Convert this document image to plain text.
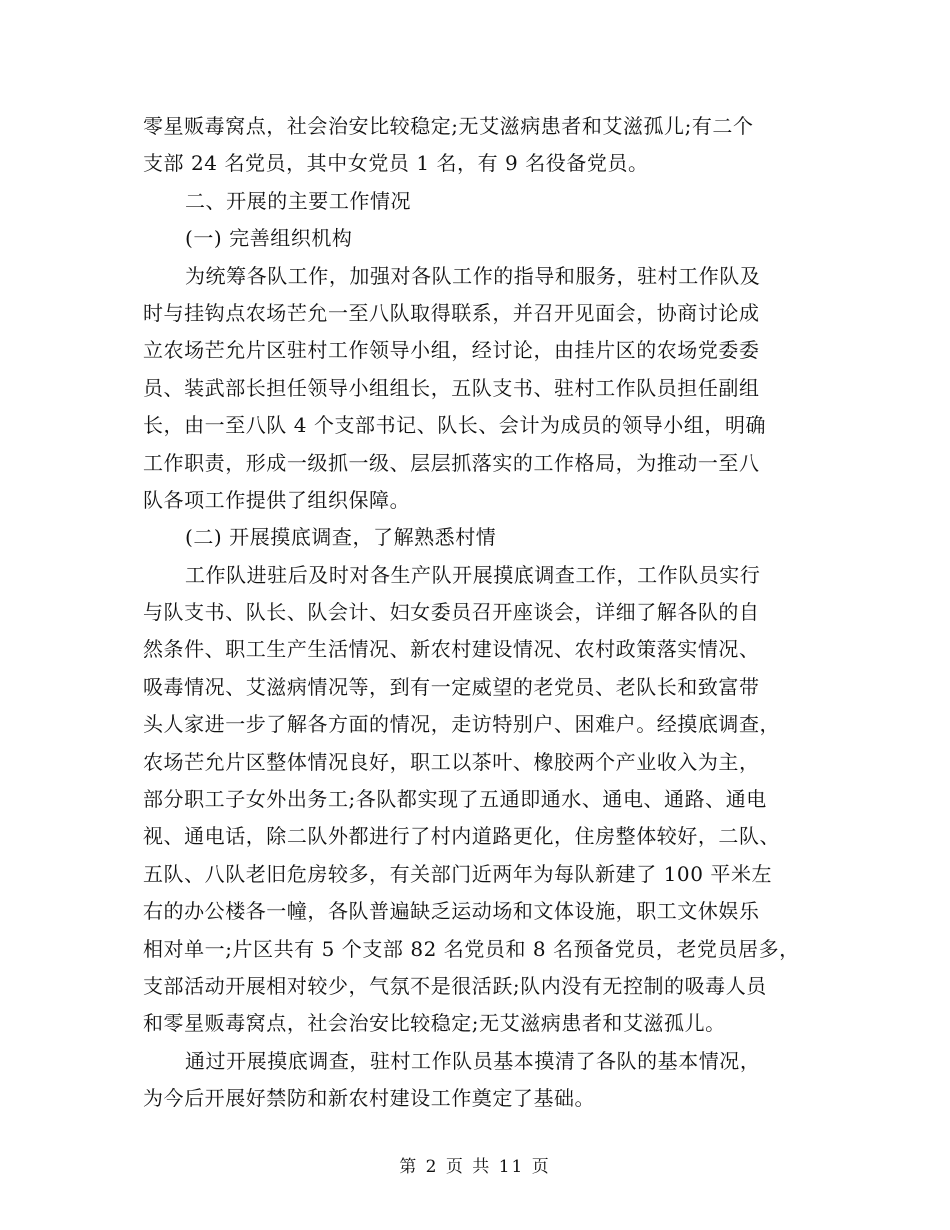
零星贩毒窝点，社会治安比较稳定;无艾滋病患者和艾滋孤儿;有二个
支部 24 名党员，其中女党员 1 名，有 9 名役备党员。
二、开展的主要工作情况
(一) 完善组织机构
为统筹各队工作，加强对各队工作的指导和服务，驻村工作队及
时与挂钩点农场芒允一至八队取得联系，并召开见面会，协商讨论成
立农场芒允片区驻村工作领导小组，经讨论，由挂片区的农场党委委
员、装武部长担任领导小组组长，五队支书、驻村工作队员担任副组
长，由一至八队 4 个支部书记、队长、会计为成员的领导小组，明确
工作职责，形成一级抓一级、层层抓落实的工作格局，为推动一至八
队各项工作提供了组织保障。
(二) 开展摸底调查，了解熟悉村情
工作队进驻后及时对各生产队开展摸底调查工作，工作队员实行
与队支书、队长、队会计、妇女委员召开座谈会，详细了解各队的自
然条件、职工生产生活情况、新农村建设情况、农村政策落实情况、
吸毒情况、艾滋病情况等，到有一定威望的老党员、老队长和致富带
头人家进一步了解各方面的情况，走访特别户、困难户。经摸底调查，
农场芒允片区整体情况良好，职工以茶叶、橡胶两个产业收入为主，
部分职工子女外出务工;各队都实现了五通即通水、通电、通路、通电
视、通电话，除二队外都进行了村内道路更化，住房整体较好，二队、
五队、八队老旧危房较多，有关部门近两年为每队新建了 100 平米左
右的办公楼各一幢，各队普遍缺乏运动场和文体设施，职工文休娱乐
相对单一;片区共有 5 个支部 82 名党员和 8 名预备党员，老党员居多，
支部活动开展相对较少，气氛不是很活跃;队内没有无控制的吸毒人员
和零星贩毒窝点，社会治安比较稳定;无艾滋病患者和艾滋孤儿。
通过开展摸底调查，驻村工作队员基本摸清了各队的基本情况，
为今后开展好禁防和新农村建设工作奠定了基础。
第 2 页 共 11 页
